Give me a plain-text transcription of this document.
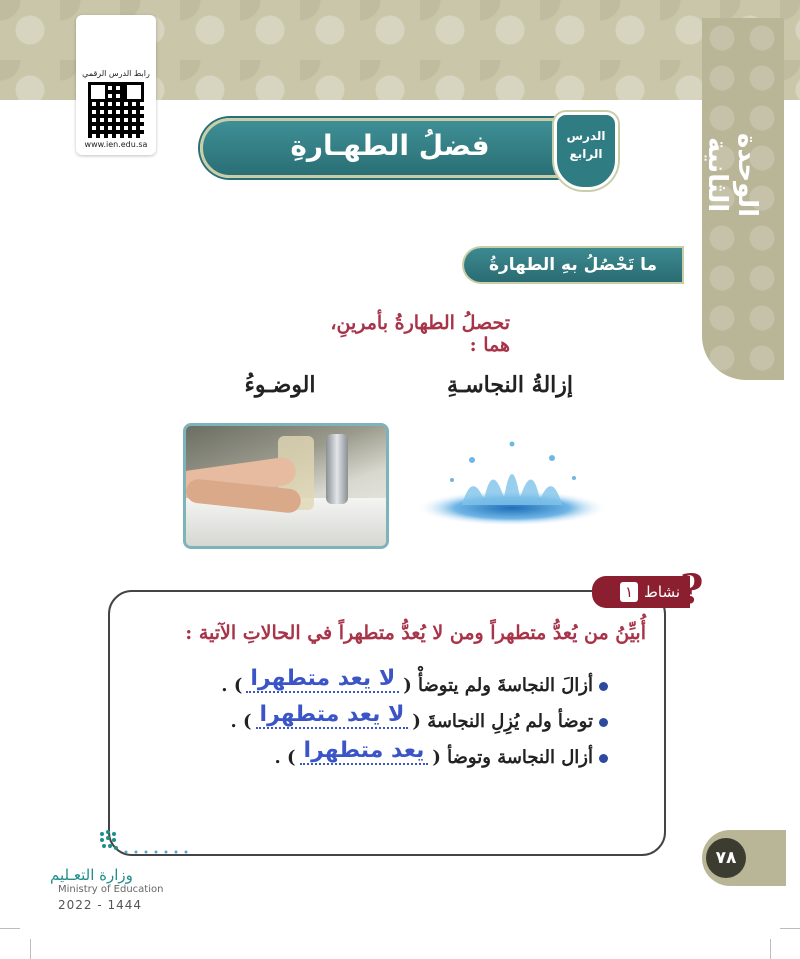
الوحدة الثانية
رابط الدرس الرقمي
www.ien.edu.sa	فضلُ الطهـارةِ	الدرس
الرابع
ما تَحْصُلُ بهِ الطهارةُ
تحصلُ الطهارةُ بأمرينِ، هما :
إزالةُ النجاسـةِ
الوضـوءُ
نشاط١	?
أُبيِّنُ من يُعدُّ متطهراً ومن لا يُعدُّ متطهراً في الحالاتِ الآتية :
أزالَ النجاسةَ ولم يتوضأْ (لا يعد متطهرا) .
توضأ ولم يُزِلِ النجاسةَ (لا يعد متطهرا) .
أزال النجاسة وتوضأ (يعد متطهرا) .
٧٨
وزارة التعـليم
Ministry of Education
2022 - 1444
